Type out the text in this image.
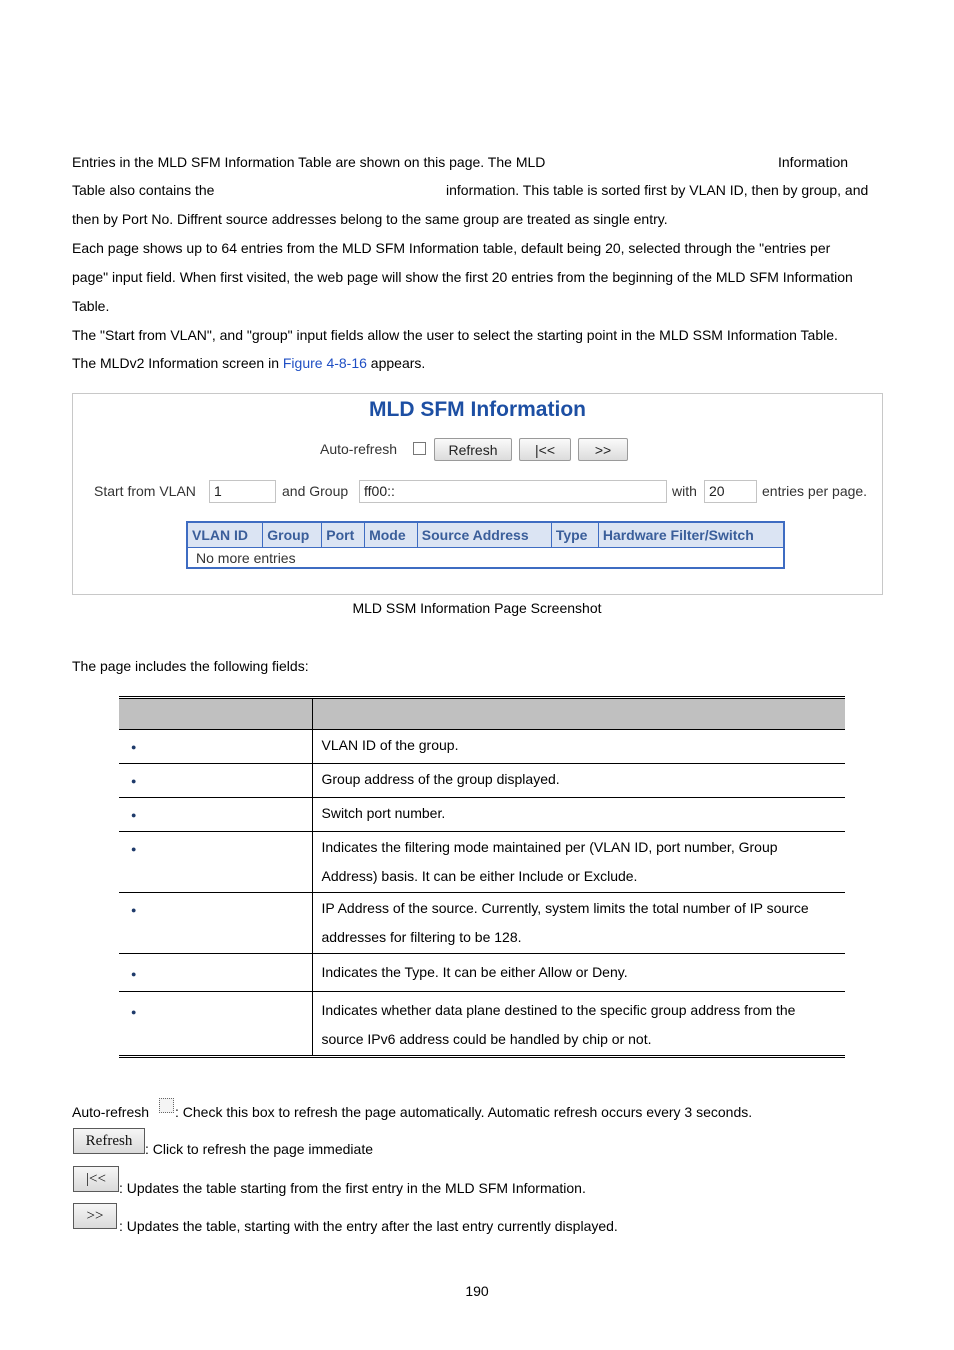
Entries in the MLD SFM Information Table are shown on this page. The MLD	Information
Table also contains the	information. This table is sorted first by VLAN ID, then by group, and
then by Port No. Diffrent source addresses belong to the same group are treated as single entry.
Each page shows up to 64 entries from the MLD SFM Information table, default being 20, selected through the "entries per
page" input field. When first visited, the web page will show the first 20 entries from the beginning of the MLD SFM Information
Table.
The "Start from VLAN", and "group" input fields allow the user to select the starting point in the MLD SSM Information Table.
The MLDv2 Information screen in Figure 4-8-16 appears.
MLD SFM Information
Auto-refresh	Refresh	|<<	>>
Start from VLAN	1	and Group	ff00::	with 20	entries per page.
VLAN ID	Group	Port	Mode	Source Address	Type	Hardware Filter/Switch
No more entries
MLD SSM Information Page Screenshot
The page includes the following fields:

●	VLAN ID of the group.

●	Group address of the group displayed.

●	Switch port number.

●	Indicates the filtering mode maintained per (VLAN ID, port number, Group
Address) basis. It can be either Include or Exclude.

●	IP Address of the source. Currently, system limits the total number of IP source
addresses for filtering to be 128.

●	Indicates the Type. It can be either Allow or Deny.

●	Indicates whether data plane destined to the specific group address from the
source IPv6 address could be handled by chip or not.
Auto-refresh : Check this box to refresh the page automatically. Automatic refresh occurs every 3 seconds.
Refresh : Click to refresh the page immediate
|<<
: Updates the table starting from the first entry in the MLD SFM Information.
>>
: Updates the table, starting with the entry after the last entry currently displayed.
190
